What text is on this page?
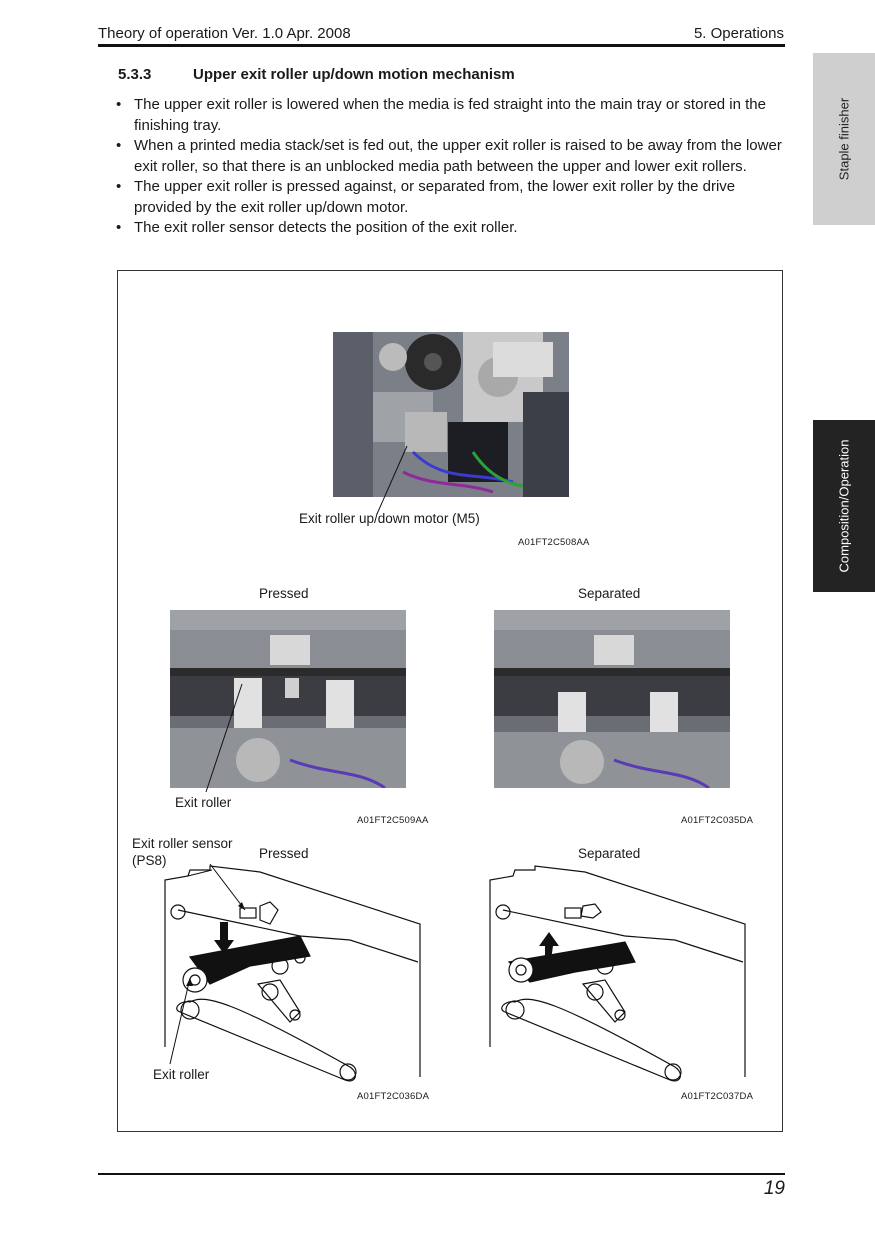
Theory of operation Ver. 1.0 Apr. 2008	5. Operations
Staple finisher
Composition/Operation
5.3.3	Upper exit roller up/down motion mechanism
• The upper exit roller is lowered when the media is fed straight into the main tray or stored in the finishing tray.
• When a printed media stack/set is fed out, the upper exit roller is raised to be away from the lower exit roller, so that there is an unblocked media path between the upper and lower exit rollers.
• The upper exit roller is pressed against, or separated from, the lower exit roller by the drive provided by the exit roller up/down motor.
• The exit roller sensor detects the position of the exit roller.
Exit roller up/down motor (M5)
A01FT2C508AA
Pressed	Separated
Exit roller
A01FT2C509AA	A01FT2C035DA
Exit roller sensor
(PS8)	Pressed	Separated
Exit roller
A01FT2C036DA	A01FT2C037DA
19
